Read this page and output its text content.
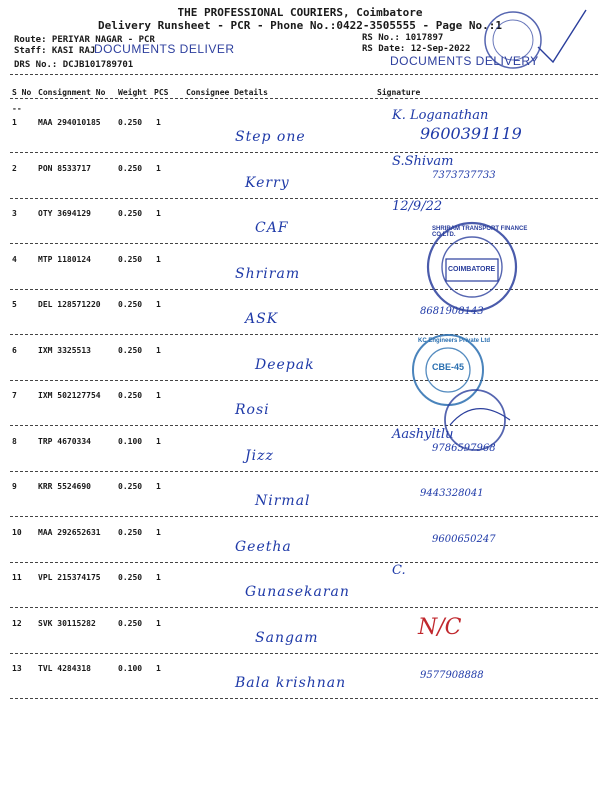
THE PROFESSIONAL COURIERS, Coimbatore
Delivery Runsheet - PCR - Phone No.:0422-3505555 - Page No.:1
Route: PERIYAR NAGAR - PCR
Staff: KASI RAJ
DRS No.: DCJB101789701
RS No.: 1017897
RS Date: 12-Sep-2022
DOCUMENTS DELIVER
DOCUMENTS DELIVERY
S No Consignment No Weight PCS Consignee Details	Signature
--
1	MAA 294010185 0.250 1
Step one
K. Loganathan
9600391119
2	PON 8533717	0.250 1
Kerry
S.Shivam
7373737733
3	OTY 3694129	0.250 1
CAF
12/9/22
4	MTP 1180124	0.250 1
Shriram
5	DEL 128571220 0.250 1
ASK	8681908143
6	IXM 3325513	0.250 1
Deepak
7	IXM 502127754 0.250 1
Rosi
8	TRP 4670334	0.100 1
Jizz
Aashyltlu
9786597968
9	KRR 5524690	0.250 1
Nirmal	9443328041
10 MAA 292652631 0.250 1
Geetha	9600650247
11 VPL 215374175 0.250 1
Gunasekaran
C.
12 SVK 30115282	0.250 1
Sangam	N/C
13 TVL 4284318	0.100 1
Bala krishnan	9577908888
COIMBATORE
SHRIRAM TRANSPORT FINANCE CO.LTD.
CBE-45
KC Engineers Private Ltd
